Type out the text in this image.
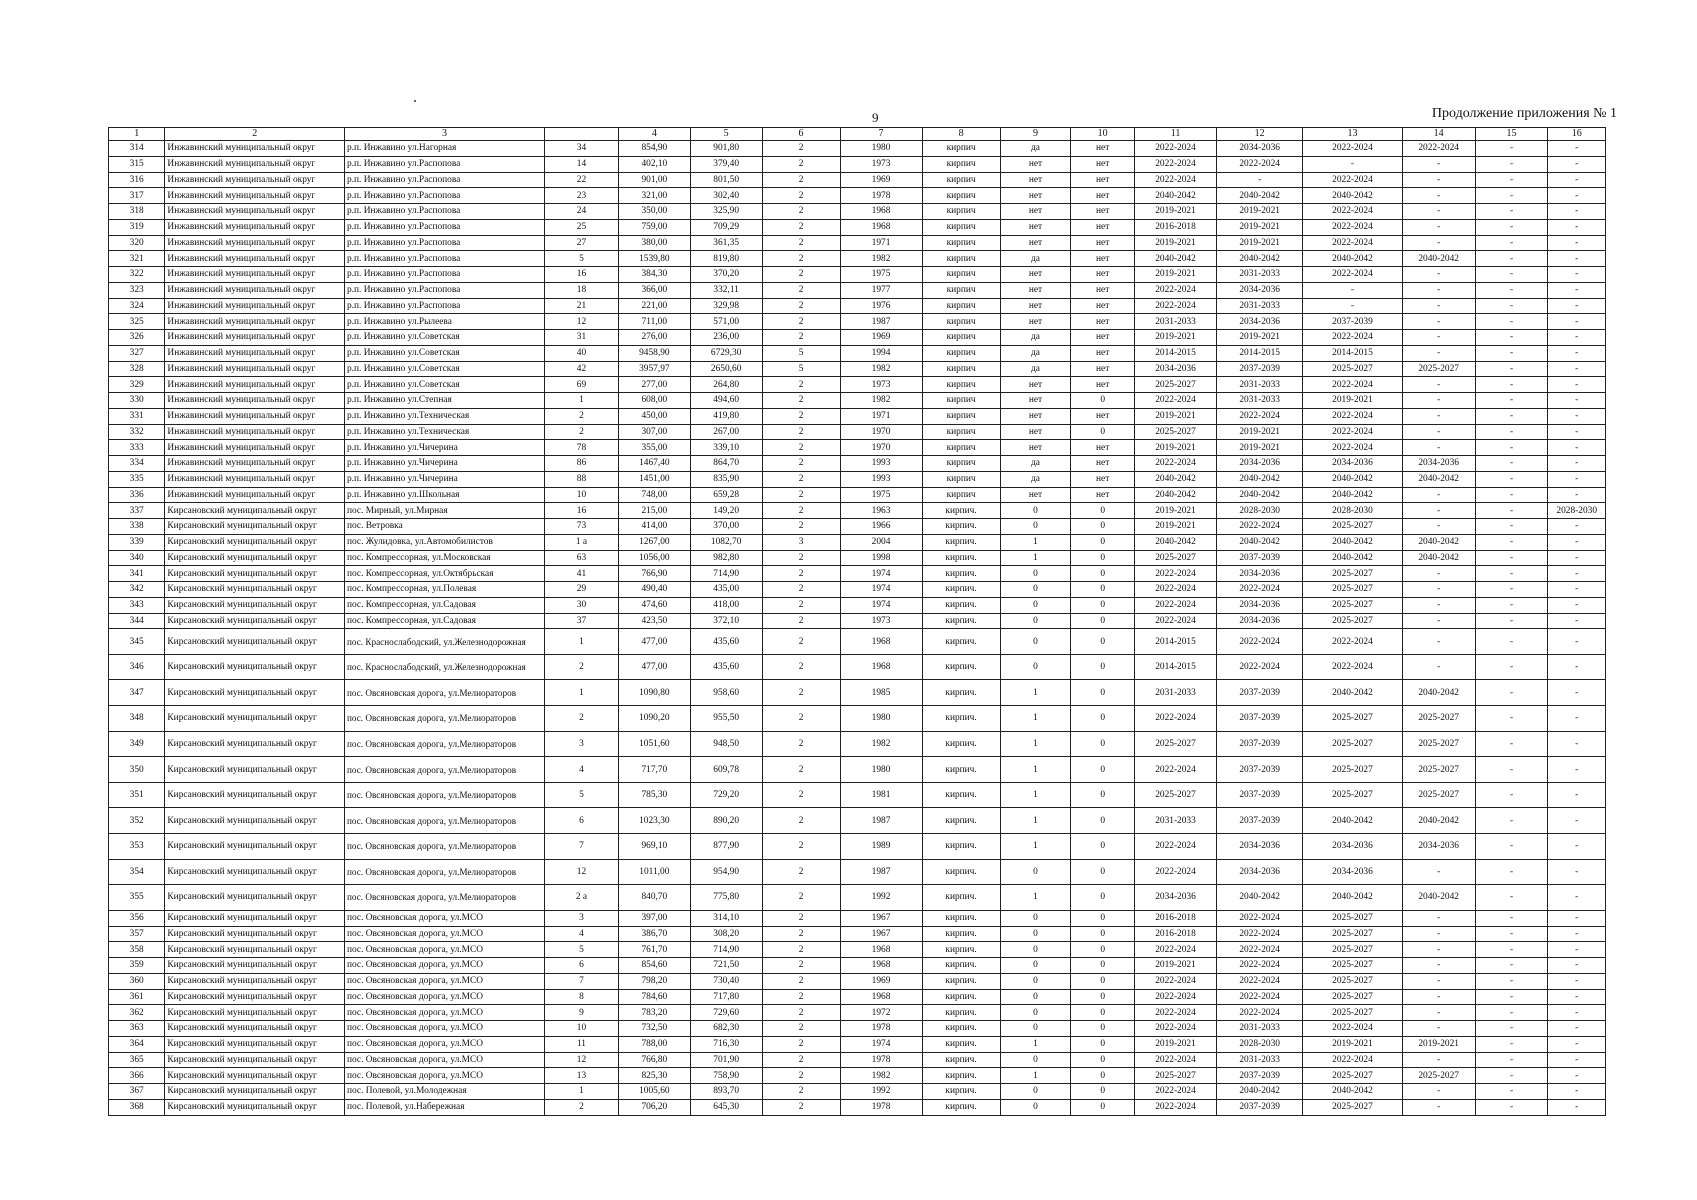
9	Продолжение приложения № 1
1	2	3		4	5	6	7	8	9	10	11	12	13	14	15	16
314	Инжавинский муниципальный округ	р.п. Инжавино ул.Нагорная	34	854,90	901,80	2	1980	кирпич	да	нет	2022-2024	2034-2036	2022-2024	2022-2024	-	-
315	Инжавинский муниципальный округ	р.п. Инжавино ул.Распопова	14	402,10	379,40	2	1973	кирпич	нет	нет	2022-2024	2022-2024	-	-	-	-
316	Инжавинский муниципальный округ	р.п. Инжавино ул.Распопова	22	901,00	801,50	2	1969	кирпич	нет	нет	2022-2024	-	2022-2024	-	-	-
317	Инжавинский муниципальный округ	р.п. Инжавино ул.Распопова	23	321,00	302,40	2	1978	кирпич	нет	нет	2040-2042	2040-2042	2040-2042	-	-	-
318	Инжавинский муниципальный округ	р.п. Инжавино ул.Распопова	24	350,00	325,90	2	1968	кирпич	нет	нет	2019-2021	2019-2021	2022-2024	-	-	-
319	Инжавинский муниципальный округ	р.п. Инжавино ул.Распопова	25	759,00	709,29	2	1968	кирпич	нет	нет	2016-2018	2019-2021	2022-2024	-	-	-
320	Инжавинский муниципальный округ	р.п. Инжавино ул.Распопова	27	380,00	361,35	2	1971	кирпич	нет	нет	2019-2021	2019-2021	2022-2024	-	-	-
321	Инжавинский муниципальный округ	р.п. Инжавино ул.Распопова	5	1539,80	819,80	2	1982	кирпич	да	нет	2040-2042	2040-2042	2040-2042	2040-2042	-	-
322	Инжавинский муниципальный округ	р.п. Инжавино ул.Распопова	16	384,30	370,20	2	1975	кирпич	нет	нет	2019-2021	2031-2033	2022-2024	-	-	-
323	Инжавинский муниципальный округ	р.п. Инжавино ул.Распопова	18	366,00	332,11	2	1977	кирпич	нет	нет	2022-2024	2034-2036	-	-	-	-
324	Инжавинский муниципальный округ	р.п. Инжавино ул.Распопова	21	221,00	329,98	2	1976	кирпич	нет	нет	2022-2024	2031-2033	-	-	-	-
325	Инжавинский муниципальный округ	р.п. Инжавино ул.Рылеева	12	711,00	571,00	2	1987	кирпич	нет	нет	2031-2033	2034-2036	2037-2039	-	-	-
326	Инжавинский муниципальный округ	р.п. Инжавино ул.Советская	31	276,00	236,00	2	1969	кирпич	да	нет	2019-2021	2019-2021	2022-2024	-	-	-
327	Инжавинский муниципальный округ	р.п. Инжавино ул.Советская	40	9458,90	6729,30	5	1994	кирпич	да	нет	2014-2015	2014-2015	2014-2015	-	-	-
328	Инжавинский муниципальный округ	р.п. Инжавино ул.Советская	42	3957,97	2650,60	5	1982	кирпич	да	нет	2034-2036	2037-2039	2025-2027	2025-2027	-	-
329	Инжавинский муниципальный округ	р.п. Инжавино ул.Советская	69	277,00	264,80	2	1973	кирпич	нет	нет	2025-2027	2031-2033	2022-2024	-	-	-
330	Инжавинский муниципальный округ	р.п. Инжавино ул.Степная	1	608,00	494,60	2	1982	кирпич	нет	0	2022-2024	2031-2033	2019-2021	-	-	-
331	Инжавинский муниципальный округ	р.п. Инжавино ул.Техническая	2	450,00	419,80	2	1971	кирпич	нет	нет	2019-2021	2022-2024	2022-2024	-	-	-
332	Инжавинский муниципальный округ	р.п. Инжавино ул.Техническая	2	307,00	267,00	2	1970	кирпич	нет	0	2025-2027	2019-2021	2022-2024	-	-	-
333	Инжавинский муниципальный округ	р.п. Инжавино ул.Чичерина	78	355,00	339,10	2	1970	кирпич	нет	нет	2019-2021	2019-2021	2022-2024	-	-	-
334	Инжавинский муниципальный округ	р.п. Инжавино ул.Чичерина	86	1467,40	864,70	2	1993	кирпич	да	нет	2022-2024	2034-2036	2034-2036	2034-2036	-	-
335	Инжавинский муниципальный округ	р.п. Инжавино ул.Чичерина	88	1451,00	835,90	2	1993	кирпич	да	нет	2040-2042	2040-2042	2040-2042	2040-2042	-	-
336	Инжавинский муниципальный округ	р.п. Инжавино ул.Школьная	10	748,00	659,28	2	1975	кирпич	нет	нет	2040-2042	2040-2042	2040-2042	-	-	-
337	Кирсановский муниципальный округ	пос. Мирный, ул.Мирная	16	215,00	149,20	2	1963	кирпич.	0	0	2019-2021	2028-2030	2028-2030	-	-	2028-2030
338	Кирсановский муниципальный округ	пос. Ветровка	73	414,00	370,00	2	1966	кирпич.	0	0	2019-2021	2022-2024	2025-2027	-	-	-
339	Кирсановский муниципальный округ	пос. Жулидовка, ул.Автомобилистов	1 а	1267,00	1082,70	3	2004	кирпич.	1	0	2040-2042	2040-2042	2040-2042	2040-2042	-	-
340	Кирсановский муниципальный округ	пос. Компрессорная, ул.Московская	63	1056,00	982,80	2	1998	кирпич.	1	0	2025-2027	2037-2039	2040-2042	2040-2042	-	-
341	Кирсановский муниципальный округ	пос. Компрессорная, ул.Октябрьская	41	766,90	714,90	2	1974	кирпич.	0	0	2022-2024	2034-2036	2025-2027	-	-	-
342	Кирсановский муниципальный округ	пос. Компрессорная, ул.Полевая	29	490,40	435,00	2	1974	кирпич.	0	0	2022-2024	2022-2024	2025-2027	-	-	-
343	Кирсановский муниципальный округ	пос. Компрессорная, ул.Садовая	30	474,60	418,00	2	1974	кирпич.	0	0	2022-2024	2034-2036	2025-2027	-	-	-
344	Кирсановский муниципальный округ	пос. Компрессорная, ул.Садовая	37	423,50	372,10	2	1973	кирпич.	0	0	2022-2024	2034-2036	2025-2027	-	-	-
345	Кирсановский муниципальный округ	пос. Краснослабодский, ул.Железнодорожная	1	477,00	435,60	2	1968	кирпич.	0	0	2014-2015	2022-2024	2022-2024	-	-	-
346	Кирсановский муниципальный округ	пос. Краснослабодский, ул.Железнодорожная	2	477,00	435,60	2	1968	кирпич.	0	0	2014-2015	2022-2024	2022-2024	-	-	-
347	Кирсановский муниципальный округ	пос. Овсяновская дорога, ул.Мелиораторов	1	1090,80	958,60	2	1985	кирпич.	1	0	2031-2033	2037-2039	2040-2042	2040-2042	-	-
348	Кирсановский муниципальный округ	пос. Овсяновская дорога, ул.Мелиораторов	2	1090,20	955,50	2	1980	кирпич.	1	0	2022-2024	2037-2039	2025-2027	2025-2027	-	-
349	Кирсановский муниципальный округ	пос. Овсяновская дорога, ул.Мелиораторов	3	1051,60	948,50	2	1982	кирпич.	1	0	2025-2027	2037-2039	2025-2027	2025-2027	-	-
350	Кирсановский муниципальный округ	пос. Овсяновская дорога, ул.Мелиораторов	4	717,70	609,78	2	1980	кирпич.	1	0	2022-2024	2037-2039	2025-2027	2025-2027	-	-
351	Кирсановский муниципальный округ	пос. Овсяновская дорога, ул.Мелиораторов	5	785,30	729,20	2	1981	кирпич.	1	0	2025-2027	2037-2039	2025-2027	2025-2027	-	-
352	Кирсановский муниципальный округ	пос. Овсяновская дорога, ул.Мелиораторов	6	1023,30	890,20	2	1987	кирпич.	1	0	2031-2033	2037-2039	2040-2042	2040-2042	-	-
353	Кирсановский муниципальный округ	пос. Овсяновская дорога, ул.Мелиораторов	7	969,10	877,90	2	1989	кирпич.	1	0	2022-2024	2034-2036	2034-2036	2034-2036	-	-
354	Кирсановский муниципальный округ	пос. Овсяновская дорога, ул.Мелиораторов	12	1011,00	954,90	2	1987	кирпич.	0	0	2022-2024	2034-2036	2034-2036	-	-	-
355	Кирсановский муниципальный округ	пос. Овсяновская дорога, ул.Мелиораторов	2 а	840,70	775,80	2	1992	кирпич.	1	0	2034-2036	2040-2042	2040-2042	2040-2042	-	-
356	Кирсановский муниципальный округ	пос. Овсяновская дорога, ул.МСО	3	397,00	314,10	2	1967	кирпич.	0	0	2016-2018	2022-2024	2025-2027	-	-	-
357	Кирсановский муниципальный округ	пос. Овсяновская дорога, ул.МСО	4	386,70	308,20	2	1967	кирпич.	0	0	2016-2018	2022-2024	2025-2027	-	-	-
358	Кирсановский муниципальный округ	пос. Овсяновская дорога, ул.МСО	5	761,70	714,90	2	1968	кирпич.	0	0	2022-2024	2022-2024	2025-2027	-	-	-
359	Кирсановский муниципальный округ	пос. Овсяновская дорога, ул.МСО	6	854,60	721,50	2	1968	кирпич.	0	0	2019-2021	2022-2024	2025-2027	-	-	-
360	Кирсановский муниципальный округ	пос. Овсяновская дорога, ул.МСО	7	798,20	730,40	2	1969	кирпич.	0	0	2022-2024	2022-2024	2025-2027	-	-	-
361	Кирсановский муниципальный округ	пос. Овсяновская дорога, ул.МСО	8	784,60	717,80	2	1968	кирпич.	0	0	2022-2024	2022-2024	2025-2027	-	-	-
362	Кирсановский муниципальный округ	пос. Овсяновская дорога, ул.МСО	9	783,20	729,60	2	1972	кирпич.	0	0	2022-2024	2022-2024	2025-2027	-	-	-
363	Кирсановский муниципальный округ	пос. Овсяновская дорога, ул.МСО	10	732,50	682,30	2	1978	кирпич.	0	0	2022-2024	2031-2033	2022-2024	-	-	-
364	Кирсановский муниципальный округ	пос. Овсяновская дорога, ул.МСО	11	788,00	716,30	2	1974	кирпич.	1	0	2019-2021	2028-2030	2019-2021	2019-2021	-	-
365	Кирсановский муниципальный округ	пос. Овсяновская дорога, ул.МСО	12	766,80	701,90	2	1978	кирпич.	0	0	2022-2024	2031-2033	2022-2024	-	-	-
366	Кирсановский муниципальный округ	пос. Овсяновская дорога, ул.МСО	13	825,30	758,90	2	1982	кирпич.	1	0	2025-2027	2037-2039	2025-2027	2025-2027	-	-
367	Кирсановский муниципальный округ	пос. Полевой, ул.Молодежная	1	1005,60	893,70	2	1992	кирпич.	0	0	2022-2024	2040-2042	2040-2042	-	-	-
368	Кирсановский муниципальный округ	пос. Полевой, ул.Набережная	2	706,20	645,30	2	1978	кирпич.	0	0	2022-2024	2037-2039	2025-2027	-	-	-
